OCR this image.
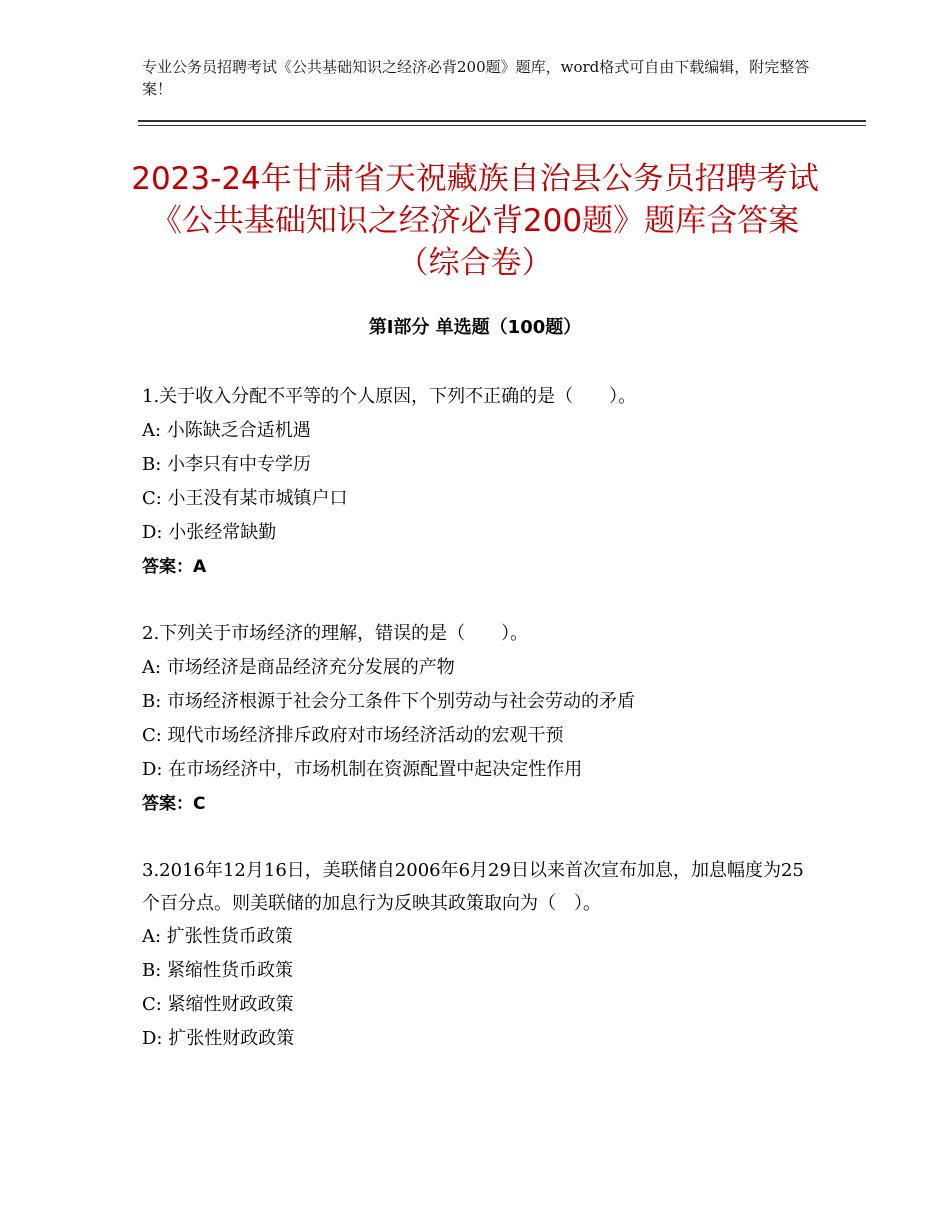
专业公务员招聘考试《公共基础知识之经济必背200题》题库，word格式可自由下载编辑，附完整答案！
2023-24年甘肃省天祝藏族自治县公务员招聘考试《公共基础知识之经济必背200题》题库含答案（综合卷）
第Ⅰ部分 单选题（100题）

1.关于收入分配不平等的个人原因，下列不正确的是（　　）。

A: 小陈缺乏合适机遇

B: 小李只有中专学历

C: 小王没有某市城镇户口

D: 小张经常缺勤

答案：A

2.下列关于市场经济的理解，错误的是（　　）。

A: 市场经济是商品经济充分发展的产物

B: 市场经济根源于社会分工条件下个别劳动与社会劳动的矛盾

C: 现代市场经济排斥政府对市场经济活动的宏观干预

D: 在市场经济中，市场机制在资源配置中起决定性作用

答案：C

3.2016年12月16日，美联储自2006年6月29日以来首次宣布加息，加息幅度为25个百分点。则美联储的加息行为反映其政策取向为（　）。

A: 扩张性货币政策

B: 紧缩性货币政策

C: 紧缩性财政政策

D: 扩张性财政政策
